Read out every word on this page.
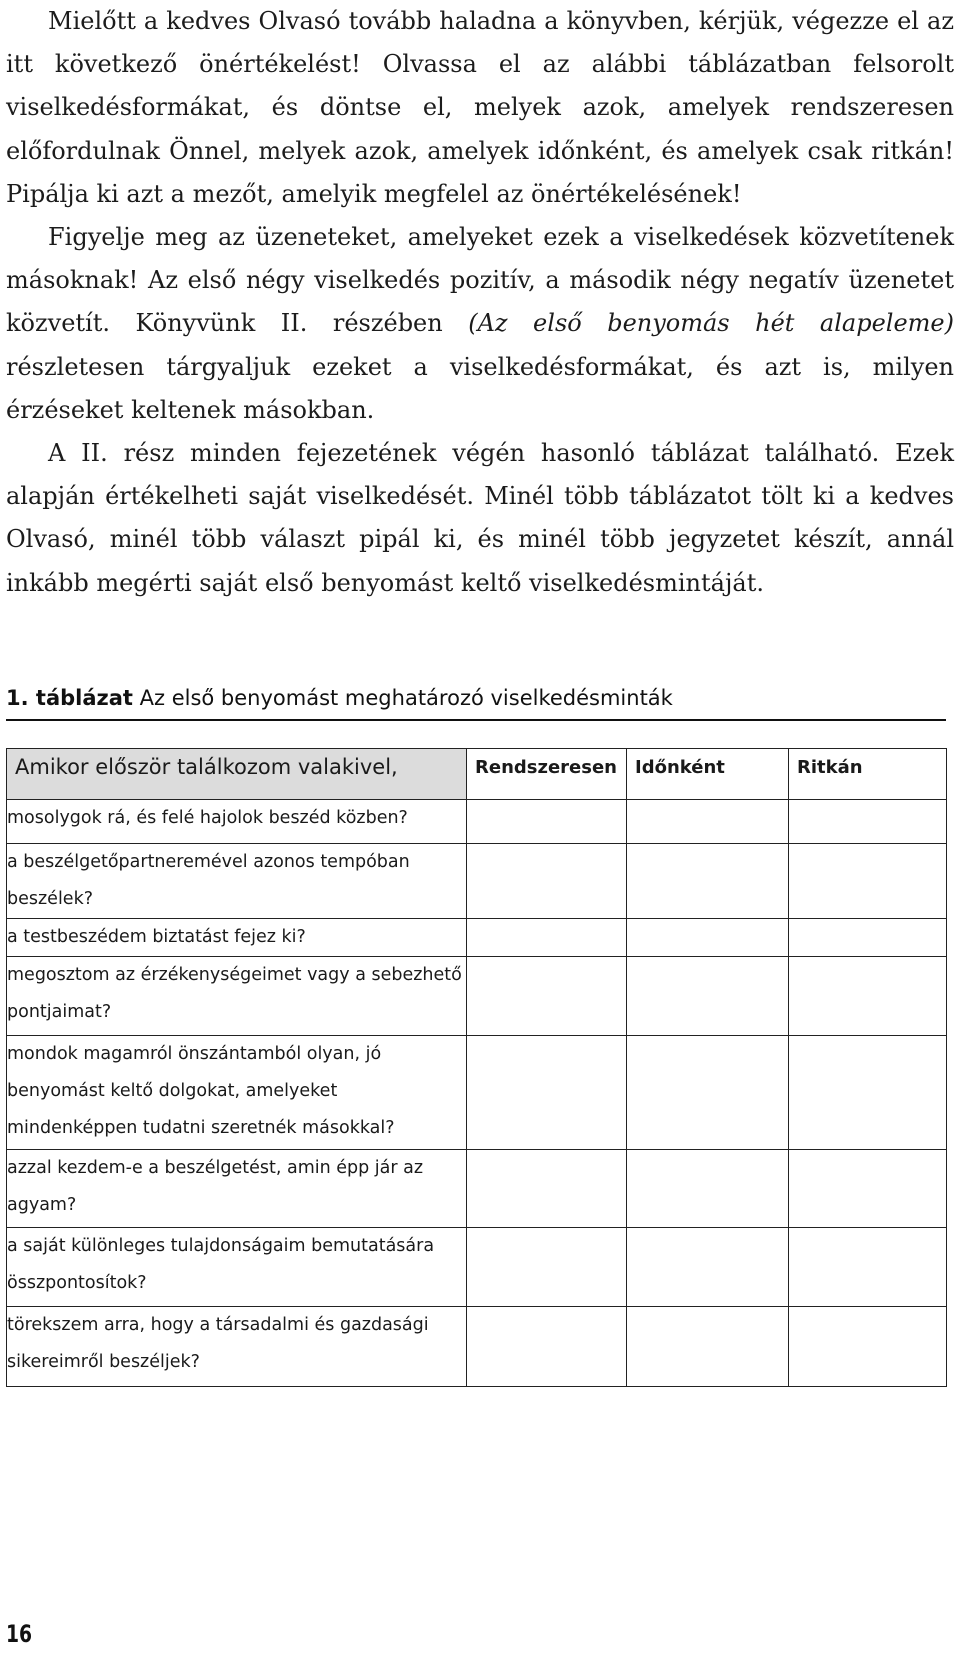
Mielőtt a kedves Olvasó tovább haladna a könyvben, kérjük, végezze el az itt következő önértékelést! Olvassa el az alábbi táblázatban felsorolt viselkedésformákat, és döntse el, melyek azok, amelyek rendszeresen előfordulnak Önnel, melyek azok, amelyek időnként, és amelyek csak ritkán! Pipálja ki azt a mezőt, amelyik megfelel az önértékelésének!

Figyelje meg az üzeneteket, amelyeket ezek a viselkedések közvetítenek másoknak! Az első négy viselkedés pozitív, a második négy negatív üzenetet közvetít. Könyvünk II. részében (Az első benyomás hét alapeleme) részletesen tárgyaljuk ezeket a viselkedésformákat, és azt is, milyen érzéseket keltenek másokban.

A II. rész minden fejezetének végén hasonló táblázat található. Ezek alapján értékelheti saját viselkedését. Minél több táblázatot tölt ki a kedves Olvasó, minél több választ pipál ki, és minél több jegyzetet készít, annál inkább megérti saját első benyomást keltő viselkedésmintáját.

1. táblázat Az első benyomást meghatározó viselkedésminták
Amikor először találkozom valakivel,	Rendszeresen	Időnként	Ritkán
mosolygok rá, és felé hajolok beszéd közben?			
a beszélgetőpartneremével azonos tempóban beszélek?			
a testbeszédem biztatást fejez ki?			
megosztom az érzékenységeimet vagy a sebezhető pontjaimat?			
mondok magamról önszántamból olyan, jó benyomást keltő dolgokat, amelyeket mindenképpen tudatni szeretnék másokkal?			
azzal kezdem-e a beszélgetést, amin épp jár az agyam?			
a saját különleges tulajdonságaim bemutatására összpontosítok?			
törekszem arra, hogy a társadalmi és gazdasági sikereimről beszéljek?			
16
